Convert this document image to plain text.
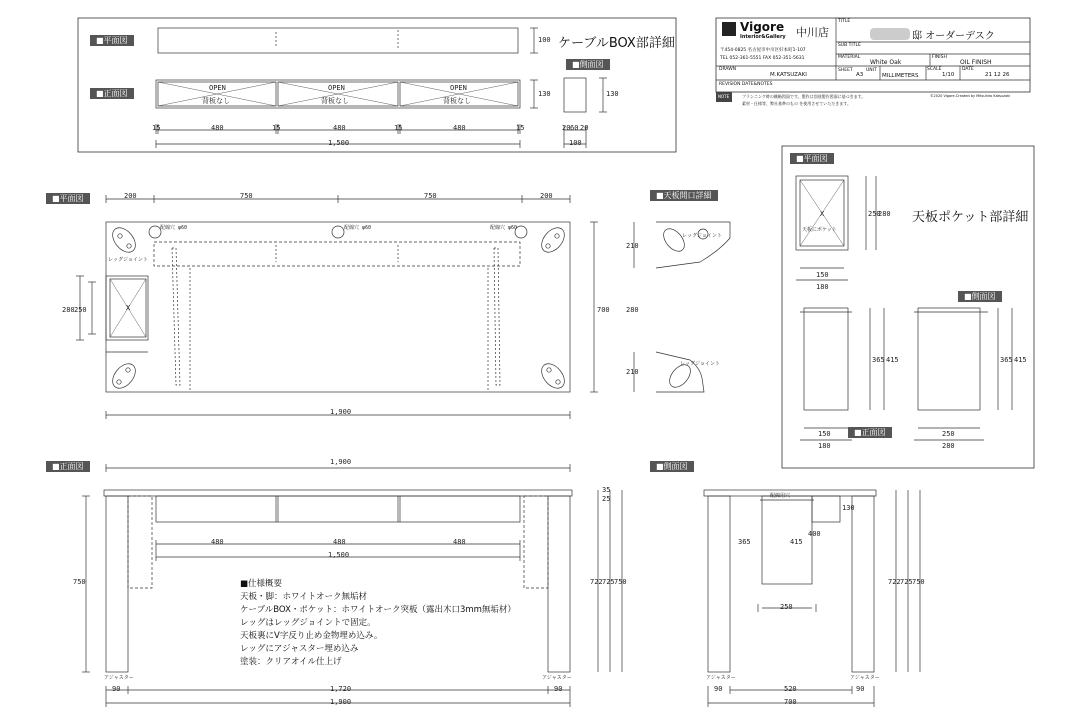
■平面図
■正面図
■側面図
■平面図	■天板開口詳細
■平面図
■側面図
■正面図
■正面図	■側面図
ケーブルBOX部詳細
天板ポケット部詳細
OPEN
背板なし
OPEN
背板なし
OPEN
背板なし
15	480	15	480	15	480	15
1,500
100
130	130
20 60 20
100
200	750	750	200
1,900
700
280 250
210
280
210
250
280
150
180
365 415
150
180
365 415
250
280
1,900
480	480	480
1,500
750	722 725 750
35
25
90	1,720	90
1,900
365	415
400
130
250
722 725 750
90	520	90
700
配線穴 φ60	配線穴 φ60	配線穴 φ60
レッグジョイント
レッグジョイント
レッグジョイント
X
X
天板にポケット
配線用穴
アジャスター	アジャスター	アジャスター	アジャスター
Vigore
Interior&Gallery 中川店
〒454-0825 名古屋市中川区好本町1-107
TEL 052-361-5551 FAX 052-351-5631
TITLE
邸 オーダーデスク
SUB TITLE
MATERIAL
White Oak
FINISH
OIL FINISH
DRAWN
M.KATSUZAKI
SHEET
A3
UNIT
MILLIMETERS
SCALE
1/10
DATE
21 12 26
REVISION DATE&NOTES
NOTE	プランニング時の概略図面です。製作は別途製作図面に基づきます。
素材・仕様等、弊社基準のもの を使用させていただきます。
©2020 Vigore.Created by Mitsuhiro Katsuzaki
■仕様概要
天板・脚：ホワイトオーク無垢材
ケーブルBOX・ポケット：ホワイトオーク突板（露出木口3mm無垢材）
レッグはレッグジョイントで固定。
天板裏にV字反り止め金物埋め込み。
レッグにアジャスター埋め込み
塗装：クリアオイル仕上げ
